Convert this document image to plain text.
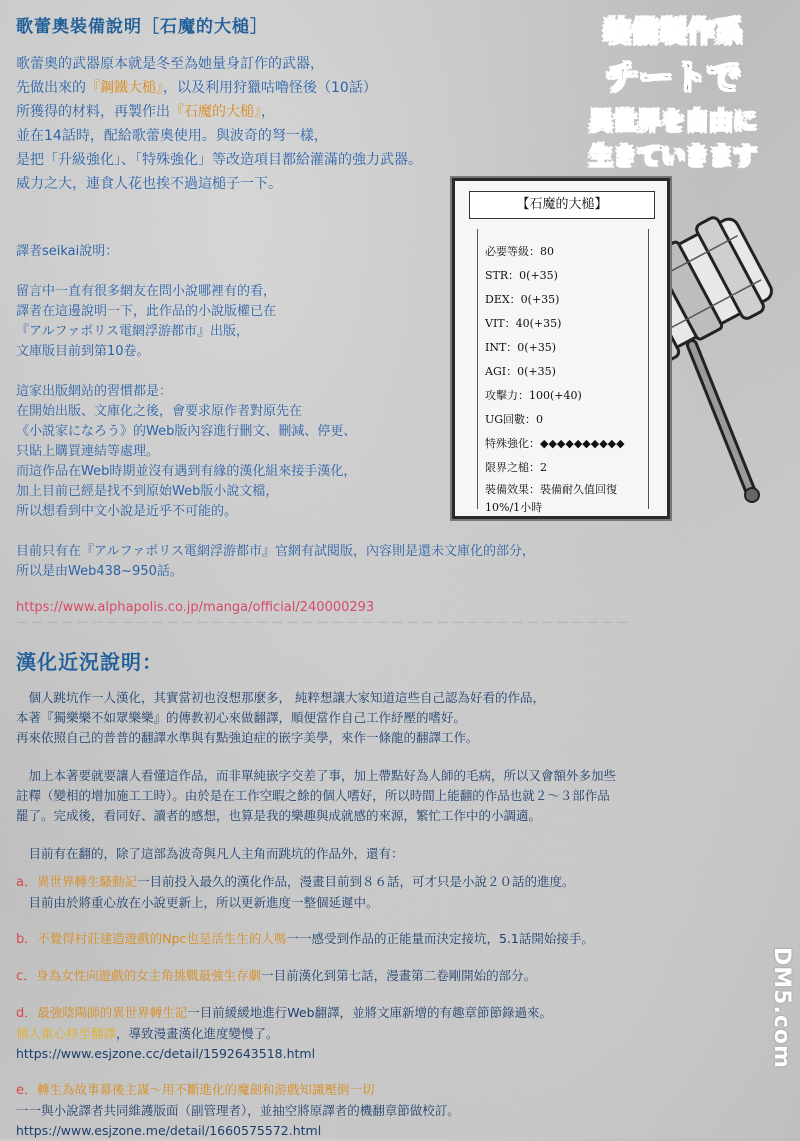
歌蕾奧裝備說明［石魔的大槌］
歌蕾奧的武器原本就是冬至為她量身訂作的武器，
先做出來的『鋼鐵大槌』，以及利用狩獵咕嚕怪後（10話）
所獲得的材料，再製作出『石魔的大槌』，
並在14話時，配給歌蕾奧使用。與波奇的弩一樣，
是把「升級強化」、「特殊強化」等改造項目都給灌滿的強力武器。
威力之大，連食人花也挨不過這槌子一下。
装備製作系
チートで
異世界を自由に
生きていきます
【石魔的大槌】
必要等級：80
STR：0(+35)
DEX：0(+35)
VIT：40(+35)
INT：0(+35)
AGI：0(+35)
攻擊力：100(+40)
UG回數：0
特殊強化：◆◆◆◆◆◆◆◆◆◆
限界之槌：2
裝備效果：裝備耐久值回復
10%/1小時
譯者seikai說明：
留言中一直有很多網友在問小說哪裡有的看，
譯者在這邊說明一下，此作品的小說版權已在
『アルファポリス電網浮游都市』出版，
文庫版目前到第10卷。
這家出版網站的習慣都是：
在開始出版、文庫化之後，會要求原作者對原先在
《小説家になろう》的Web版內容進行刪文、刪減、停更、
只貼上購買連結等處理。
而這作品在Web時期並沒有遇到有緣的漢化組來接手漢化，
加上目前已經是找不到原始Web版小說文檔，
所以想看到中文小說是近乎不可能的。
目前只有在『アルファポリス電網浮游都市』官網有試閱版，內容則是還未文庫化的部分，
所以是由Web438~950話。
https://www.alphapolis.co.jp/manga/official/240000293
－－－－－－－－－－－－－－－－－－－－－－－－－－－－－－－－－－－－－－－－－
漢化近況說明：
　個人跳坑作一人漢化，其實當初也沒想那麼多， 純粹想讓大家知道這些自己認為好看的作品，
本著『獨樂樂不如眾樂樂』的傳教初心來做翻譯，順便當作自己工作紓壓的嗜好。
再來依照自己的普普的翻譯水準與有點強迫症的嵌字美學，來作一條龍的翻譯工作。
　加上本著要就要讓人看懂這作品，而非單純嵌字交差了事，加上帶點好為人師的毛病，所以又會額外多加些
註釋（變相的增加施工工時）。由於是在工作空暇之餘的個人嗜好，所以時間上能翻的作品也就２～３部作品
罷了。完成後，看同好、讀者的感想，也算是我的樂趣與成就感的來源，繁忙工作中的小調適。
　目前有在翻的，除了這部為波奇與凡人主角而跳坑的作品外，還有：
a．異世界轉生騷動記一目前投入最久的漢化作品，漫畫目前到８６話，可才只是小說２０話的進度。
　目前由於將重心放在小說更新上，所以更新進度一整個延遲中。
b．不覺得村莊建造遊戲的Npc也是活生生的人嗎一一感受到作品的正能量而決定接坑，5.1話開始接手。
c．身為女性向遊戲的女主角挑戰最強生存劇一目前漢化到第七話，漫畫第二卷剛開始的部分。
d．最強陰陽師的異世界轉生記一目前緩緩地進行Web翻譯，並將文庫新增的有趣章節節錄過來。
個人重心移至翻譯，導致漫畫漢化進度變慢了。
https://www.esjzone.cc/detail/1592643518.html
e．轉生為故事幕後主謀～用不斷進化的魔劍和游戲知識壓倒一切
一一與小說譯者共同維護版面（副管理者），並抽空將原譯者的機翻章節做校訂。
https://www.esjzone.me/detail/1660575572.html
DM5.com
